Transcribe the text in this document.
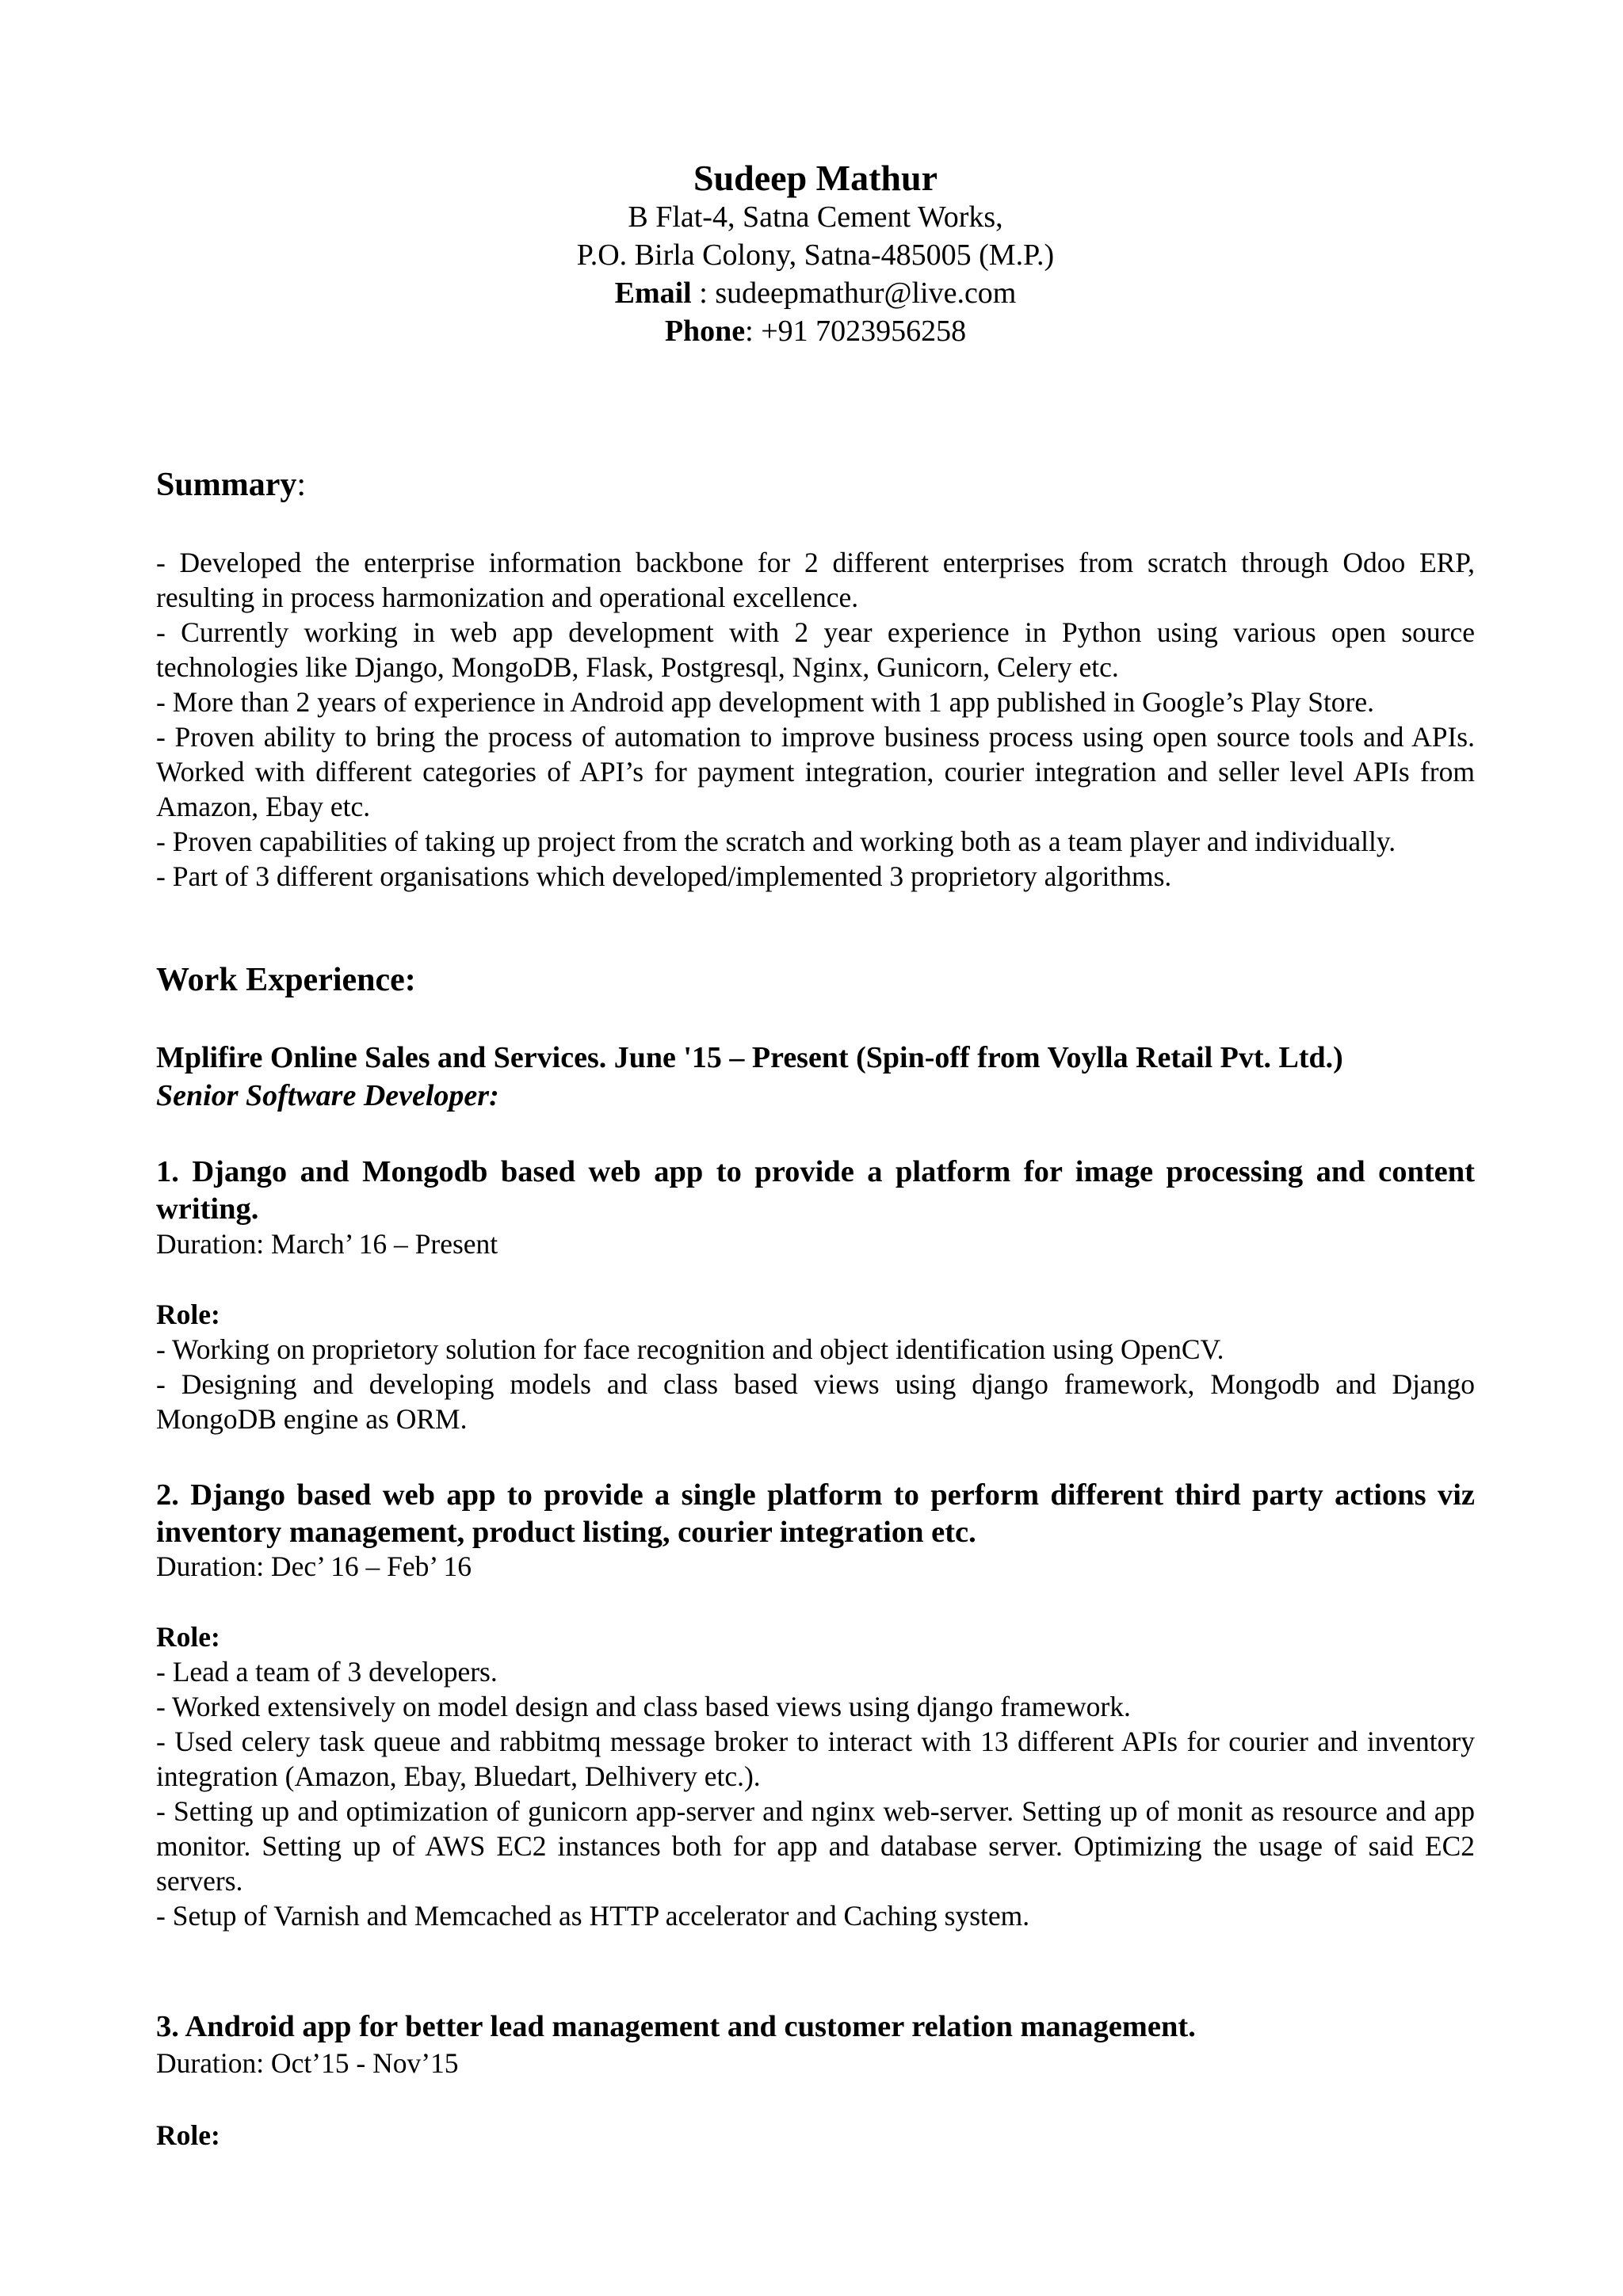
Sudeep Mathur
B Flat-4, Satna Cement Works,
P.O. Birla Colony, Satna-485005 (M.P.)
Email : sudeepmathur@live.com
Phone: +91 7023956258
Summary:
- Developed the enterprise information backbone for 2 different enterprises from scratch through Odoo ERP, resulting in process harmonization and operational excellence.
- Currently working in web app development with 2 year experience in Python using various open source technologies like Django, MongoDB, Flask, Postgresql, Nginx, Gunicorn, Celery etc.
- More than 2 years of experience in Android app development with 1 app published in Google’s Play Store.
- Proven ability to bring the process of automation to improve business process using open source tools and APIs. Worked with different categories of API’s for payment integration, courier integration and seller level APIs from Amazon, Ebay etc.
- Proven capabilities of taking up project from the scratch and working both as a team player and individually.
- Part of 3 different organisations which developed/implemented 3 proprietory algorithms.
Work Experience:
Mplifire Online Sales and Services. June '15 – Present (Spin-off from Voylla Retail Pvt. Ltd.)
Senior Software Developer:
1. Django and Mongodb based web app to provide a platform for image processing and content writing.
Duration: March’ 16 – Present
Role:
- Working on proprietory solution for face recognition and object identification using OpenCV.
- Designing and developing models and class based views using django framework, Mongodb and Django MongoDB engine as ORM.
2. Django based web app to provide a single platform to perform different third party actions viz inventory management, product listing, courier integration etc.
Duration: Dec’ 16 – Feb’ 16
Role:
- Lead a team of 3 developers.
- Worked extensively on model design and class based views using django framework.
- Used celery task queue and rabbitmq message broker to interact with 13 different APIs for courier and inventory integration (Amazon, Ebay, Bluedart, Delhivery etc.).
- Setting up and optimization of gunicorn app-server and nginx web-server. Setting up of monit as resource and app monitor. Setting up of AWS EC2 instances both for app and database server. Optimizing the usage of said EC2 servers.
- Setup of Varnish and Memcached as HTTP accelerator and Caching system.
3. Android app for better lead management and customer relation management.
Duration: Oct’15 - Nov’15
Role:
